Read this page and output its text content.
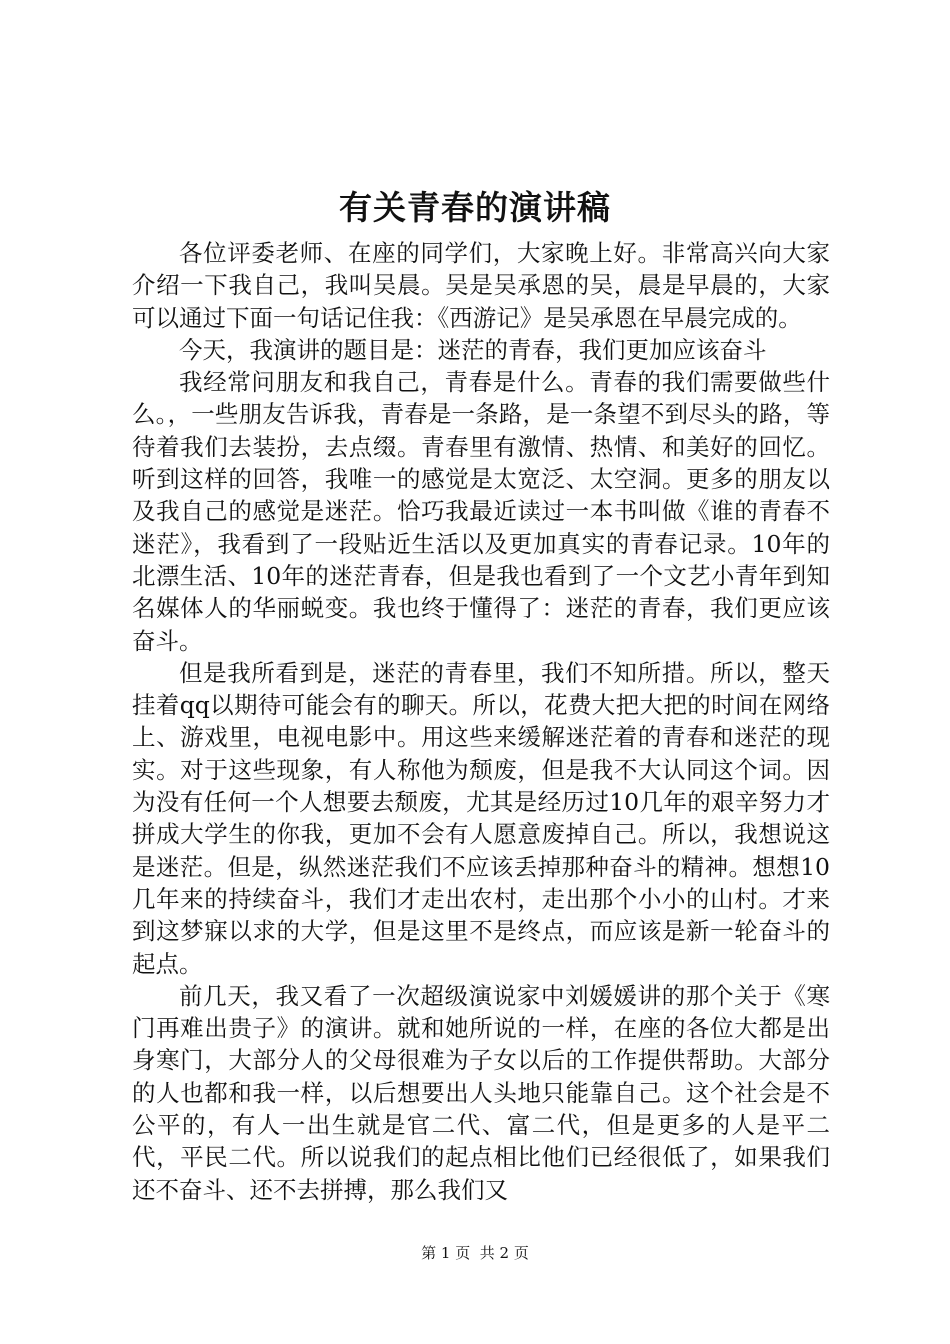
有关青春的演讲稿

各位评委老师、在座的同学们，大家晚上好。非常高兴向大家介绍一下我自己，我叫吴晨。吴是吴承恩的吴，晨是早晨的，大家可以通过下面一句话记住我：《西游记》是吴承恩在早晨完成的。

今天，我演讲的题目是：迷茫的青春，我们更加应该奋斗

我经常问朋友和我自己，青春是什么。青春的我们需要做些什么。，一些朋友告诉我，青春是一条路，是一条望不到尽头的路，等待着我们去装扮，去点缀。青春里有激情、热情、和美好的回忆。听到这样的回答，我唯一的感觉是太宽泛、太空洞。更多的朋友以及我自己的感觉是迷茫。恰巧我最近读过一本书叫做《谁的青春不迷茫》，我看到了一段贴近生活以及更加真实的青春记录。10年的北漂生活、10年的迷茫青春，但是我也看到了一个文艺小青年到知名媒体人的华丽蜕变。我也终于懂得了：迷茫的青春，我们更应该奋斗。

但是我所看到是，迷茫的青春里，我们不知所措。所以，整天挂着qq以期待可能会有的聊天。所以，花费大把大把的时间在网络上、游戏里，电视电影中。用这些来缓解迷茫着的青春和迷茫的现实。对于这些现象，有人称他为颓废，但是我不大认同这个词。因为没有任何一个人想要去颓废，尤其是经历过10几年的艰辛努力才拼成大学生的你我，更加不会有人愿意废掉自己。所以，我想说这是迷茫。但是，纵然迷茫我们不应该丢掉那种奋斗的精神。想想10几年来的持续奋斗，我们才走出农村，走出那个小小的山村。才来到这梦寐以求的大学，但是这里不是终点，而应该是新一轮奋斗的起点。

前几天，我又看了一次超级演说家中刘媛媛讲的那个关于《寒门再难出贵子》的演讲。就和她所说的一样，在座的各位大都是出身寒门，大部分人的父母很难为子女以后的工作提供帮助。大部分的人也都和我一样，以后想要出人头地只能靠自己。这个社会是不公平的，有人一出生就是官二代、富二代，但是更多的人是平二代，平民二代。所以说我们的起点相比他们已经很低了，如果我们还不奋斗、还不去拼搏，那么我们又

第 1 页  共 2 页
